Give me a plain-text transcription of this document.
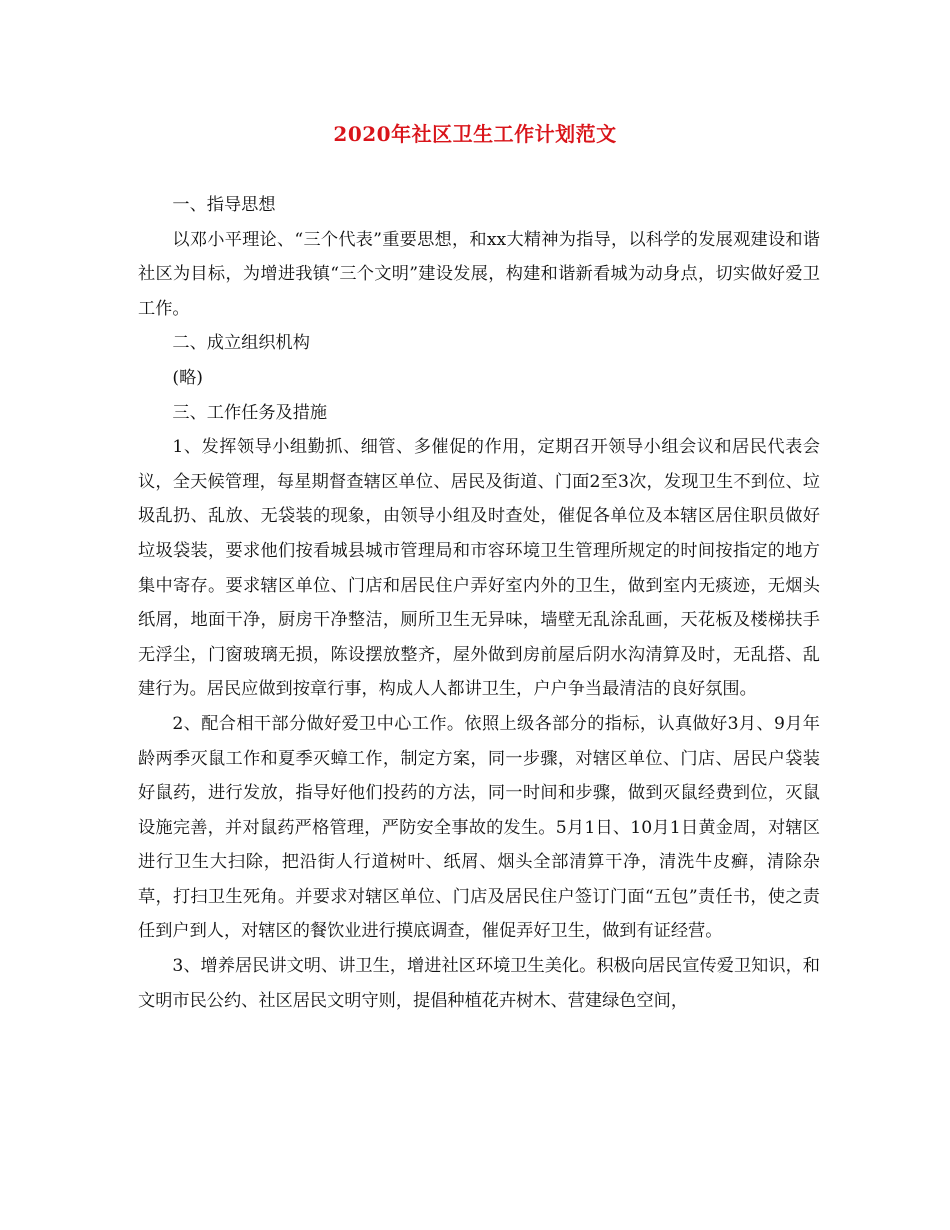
2020年社区卫生工作计划范文

一、指导思想

以邓小平理论、“三个代表”重要思想，和xx大精神为指导，以科学的发展观建设和谐社区为目标，为增进我镇“三个文明”建设发展，构建和谐新看城为动身点，切实做好爱卫工作。

二、成立组织机构

(略)

三、工作任务及措施

1、发挥领导小组勤抓、细管、多催促的作用，定期召开领导小组会议和居民代表会议，全天候管理，每星期督查辖区单位、居民及街道、门面2至3次，发现卫生不到位、垃圾乱扔、乱放、无袋装的现象，由领导小组及时查处，催促各单位及本辖区居住职员做好垃圾袋装，要求他们按看城县城市管理局和市容环境卫生管理所规定的时间按指定的地方集中寄存。要求辖区单位、门店和居民住户弄好室内外的卫生，做到室内无痰迹，无烟头纸屑，地面干净，厨房干净整洁，厕所卫生无异味，墙壁无乱涂乱画，天花板及楼梯扶手无浮尘，门窗玻璃无损，陈设摆放整齐，屋外做到房前屋后阴水沟清算及时，无乱搭、乱建行为。居民应做到按章行事，构成人人都讲卫生，户户争当最清洁的良好氛围。

2、配合相干部分做好爱卫中心工作。依照上级各部分的指标，认真做好3月、9月年龄两季灭鼠工作和夏季灭蟑工作，制定方案，同一步骤，对辖区单位、门店、居民户袋装好鼠药，进行发放，指导好他们投药的方法，同一时间和步骤，做到灭鼠经费到位，灭鼠设施完善，并对鼠药严格管理，严防安全事故的发生。5月1日、10月1日黄金周，对辖区进行卫生大扫除，把沿街人行道树叶、纸屑、烟头全部清算干净，清洗牛皮癣，清除杂草，打扫卫生死角。并要求对辖区单位、门店及居民住户签订门面“五包”责任书，使之责任到户到人，对辖区的餐饮业进行摸底调查，催促弄好卫生，做到有证经营。

3、增养居民讲文明、讲卫生，增进社区环境卫生美化。积极向居民宣传爱卫知识，和文明市民公约、社区居民文明守则，提倡种植花卉树木、营建绿色空间，
